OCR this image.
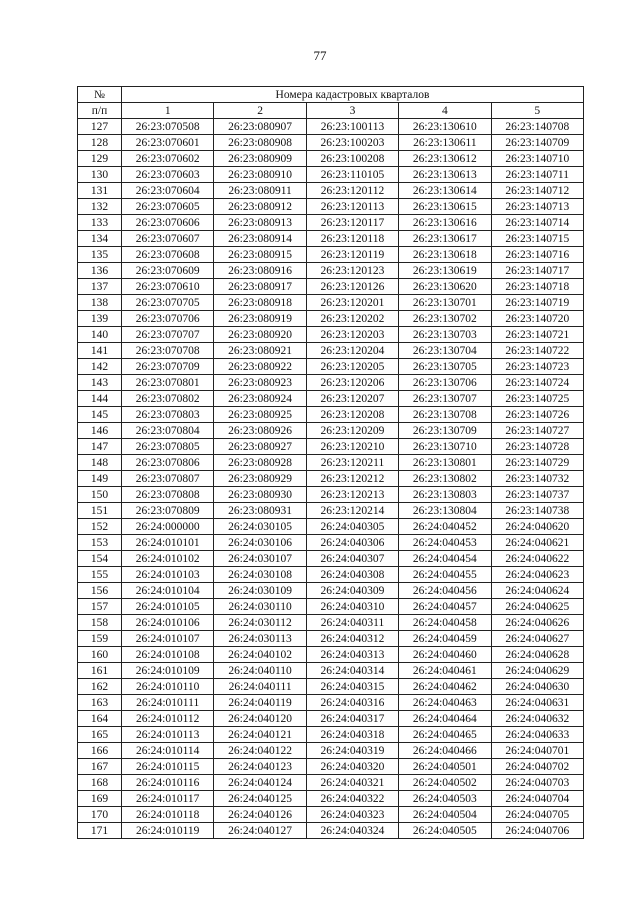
77
№	Номера кадастровых кварталов				
п/п	1	2	3	4	5
127	26:23:070508	26:23:080907	26:23:100113	26:23:130610	26:23:140708
128	26:23:070601	26:23:080908	26:23:100203	26:23:130611	26:23:140709
129	26:23:070602	26:23:080909	26:23:100208	26:23:130612	26:23:140710
130	26:23:070603	26:23:080910	26:23:110105	26:23:130613	26:23:140711
131	26:23:070604	26:23:080911	26:23:120112	26:23:130614	26:23:140712
132	26:23:070605	26:23:080912	26:23:120113	26:23:130615	26:23:140713
133	26:23:070606	26:23:080913	26:23:120117	26:23:130616	26:23:140714
134	26:23:070607	26:23:080914	26:23:120118	26:23:130617	26:23:140715
135	26:23:070608	26:23:080915	26:23:120119	26:23:130618	26:23:140716
136	26:23:070609	26:23:080916	26:23:120123	26:23:130619	26:23:140717
137	26:23:070610	26:23:080917	26:23:120126	26:23:130620	26:23:140718
138	26:23:070705	26:23:080918	26:23:120201	26:23:130701	26:23:140719
139	26:23:070706	26:23:080919	26:23:120202	26:23:130702	26:23:140720
140	26:23:070707	26:23:080920	26:23:120203	26:23:130703	26:23:140721
141	26:23:070708	26:23:080921	26:23:120204	26:23:130704	26:23:140722
142	26:23:070709	26:23:080922	26:23:120205	26:23:130705	26:23:140723
143	26:23:070801	26:23:080923	26:23:120206	26:23:130706	26:23:140724
144	26:23:070802	26:23:080924	26:23:120207	26:23:130707	26:23:140725
145	26:23:070803	26:23:080925	26:23:120208	26:23:130708	26:23:140726
146	26:23:070804	26:23:080926	26:23:120209	26:23:130709	26:23:140727
147	26:23:070805	26:23:080927	26:23:120210	26:23:130710	26:23:140728
148	26:23:070806	26:23:080928	26:23:120211	26:23:130801	26:23:140729
149	26:23:070807	26:23:080929	26:23:120212	26:23:130802	26:23:140732
150	26:23:070808	26:23:080930	26:23:120213	26:23:130803	26:23:140737
151	26:23:070809	26:23:080931	26:23:120214	26:23:130804	26:23:140738
152	26:24:000000	26:24:030105	26:24:040305	26:24:040452	26:24:040620
153	26:24:010101	26:24:030106	26:24:040306	26:24:040453	26:24:040621
154	26:24:010102	26:24:030107	26:24:040307	26:24:040454	26:24:040622
155	26:24:010103	26:24:030108	26:24:040308	26:24:040455	26:24:040623
156	26:24:010104	26:24:030109	26:24:040309	26:24:040456	26:24:040624
157	26:24:010105	26:24:030110	26:24:040310	26:24:040457	26:24:040625
158	26:24:010106	26:24:030112	26:24:040311	26:24:040458	26:24:040626
159	26:24:010107	26:24:030113	26:24:040312	26:24:040459	26:24:040627
160	26:24:010108	26:24:040102	26:24:040313	26:24:040460	26:24:040628
161	26:24:010109	26:24:040110	26:24:040314	26:24:040461	26:24:040629
162	26:24:010110	26:24:040111	26:24:040315	26:24:040462	26:24:040630
163	26:24:010111	26:24:040119	26:24:040316	26:24:040463	26:24:040631
164	26:24:010112	26:24:040120	26:24:040317	26:24:040464	26:24:040632
165	26:24:010113	26:24:040121	26:24:040318	26:24:040465	26:24:040633
166	26:24:010114	26:24:040122	26:24:040319	26:24:040466	26:24:040701
167	26:24:010115	26:24:040123	26:24:040320	26:24:040501	26:24:040702
168	26:24:010116	26:24:040124	26:24:040321	26:24:040502	26:24:040703
169	26:24:010117	26:24:040125	26:24:040322	26:24:040503	26:24:040704
170	26:24:010118	26:24:040126	26:24:040323	26:24:040504	26:24:040705
171	26:24:010119	26:24:040127	26:24:040324	26:24:040505	26:24:040706
